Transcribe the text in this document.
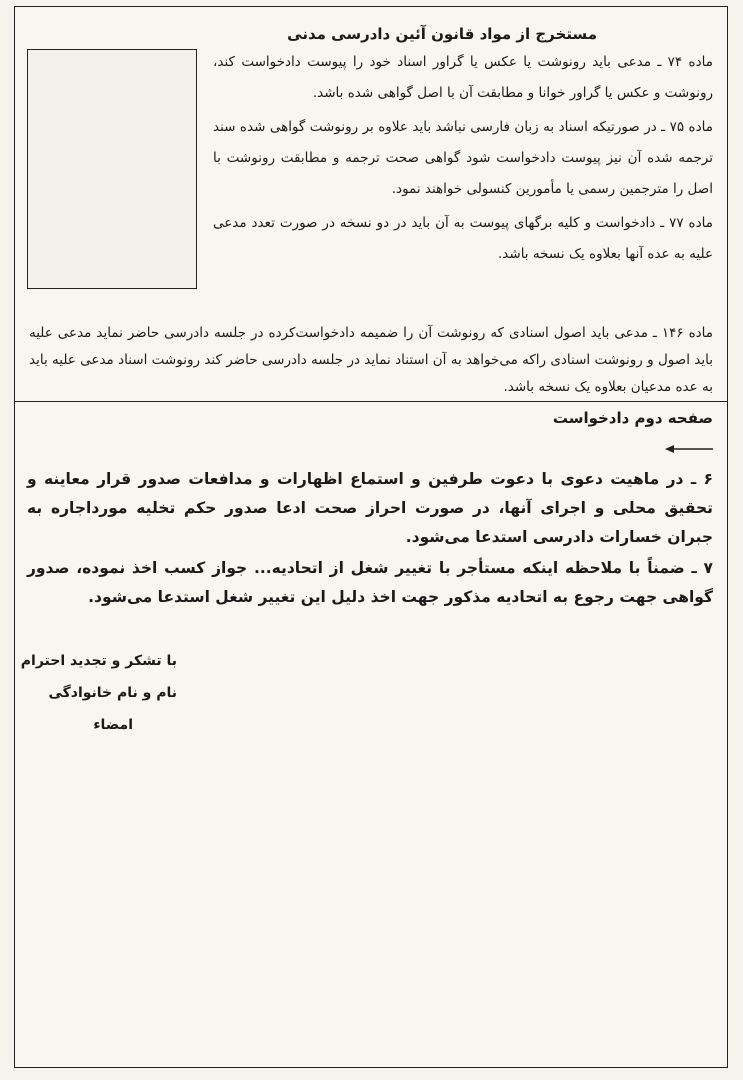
مستخرج از مواد قانون آئین دادرسی مدنی

ماده ۷۴ ـ مدعی باید رونوشت یا عکس یا گراور اسناد خود را پیوست دادخواست کند، رونوشت و عکس یا گراور خوانا و مطابقت آن با اصل گواهی شده باشد.

ماده ۷۵ ـ در صورتیکه اسناد به زبان فارسی نباشد باید علاوه بر رونوشت گواهی شده سند ترجمه شده آن نیز پیوست دادخواست شود گواهی صحت ترجمه و مطابقت رونوشت با اصل را مترجمین رسمی یا مأمورین کنسولی خواهند نمود.

ماده ۷۷ ـ دادخواست و کلیه برگهای پیوست به آن باید در دو نسخه در صورت تعدد مدعی علیه به عده آنها بعلاوه یک نسخه باشد.

ماده ۱۴۶ ـ مدعی باید اصول اسنادی که رونوشت آن را ضمیمه دادخواست‌کرده در جلسه دادرسی حاضر نماید مدعی علیه باید اصول و رونوشت اسنادی راکه می‌خواهد به آن استناد نماید در جلسه دادرسی حاضر کند رونوشت اسناد مدعی علیه باید به عده مدعیان بعلاوه یک نسخه باشد.

صفحه دوم دادخواست

۶ ـ در ماهیت دعوی با دعوت طرفین و استماع اظهارات و مدافعات صدور قرار معاینه و تحقیق محلی و اجرای آنها، در صورت احراز صحت ادعا صدور حکم تخلیه مورداجاره به جبران خسارات دادرسی استدعا می‌شود.

۷ ـ ضمناً با ملاحظه اینکه مستأجر با تغییر شغل از اتحادیه... جواز کسب اخذ نموده، صدور گواهی جهت رجوع به اتحادیه مذکور جهت اخذ دلیل این تغییر شغل استدعا می‌شود.

با تشکر و تجدید احترام
نام و نام خانوادگی
امضاء
